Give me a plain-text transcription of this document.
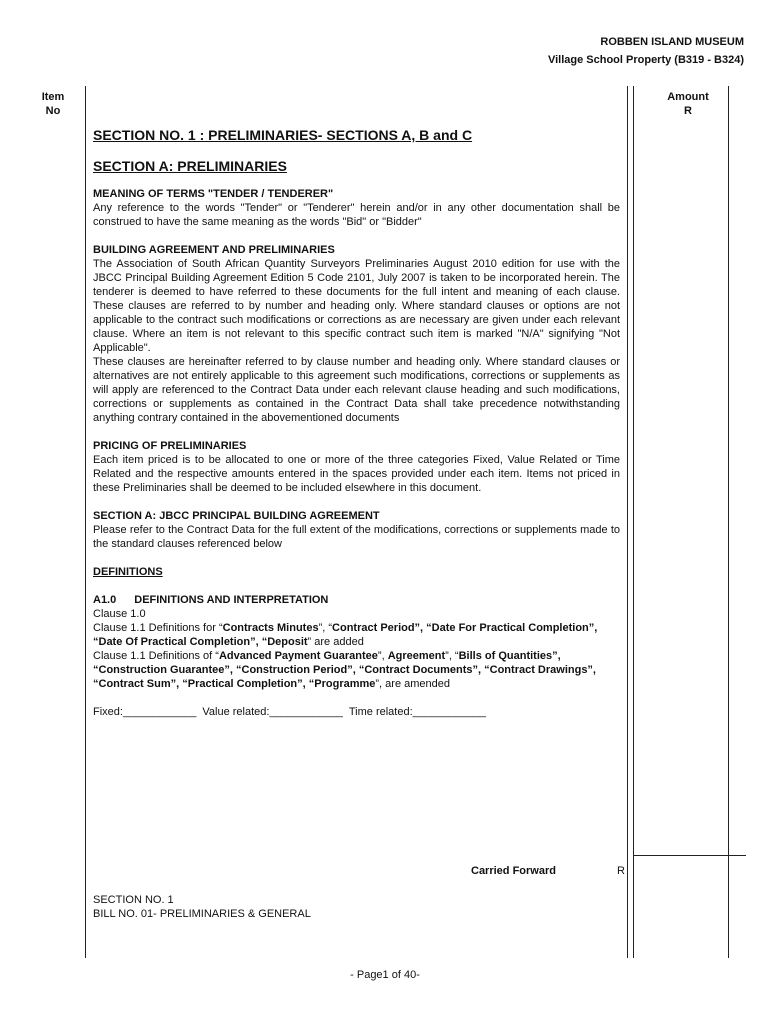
ROBBEN ISLAND MUSEUM
Village School Property (B319 - B324)
Item
No
Amount
R
SECTION NO. 1 : PRELIMINARIES- SECTIONS A, B and C
SECTION A: PRELIMINARIES
MEANING OF TERMS "TENDER / TENDERER"

Any reference to the words "Tender" or "Tenderer" herein and/or in any other documentation shall be construed to have the same meaning as the words "Bid" or "Bidder"

BUILDING AGREEMENT AND PRELIMINARIES

The Association of South African Quantity Surveyors Preliminaries August 2010 edition for use with the JBCC Principal Building Agreement Edition 5 Code 2101, July 2007 is taken to be incorporated herein. The tenderer is deemed to have referred to these documents for the full intent and meaning of each clause. These clauses are referred to by number and heading only. Where standard clauses or options are not applicable to the contract such modifications or corrections as are necessary are given under each relevant clause. Where an item is not relevant to this specific contract such item is marked "N/A" signifying "Not Applicable".

These clauses are hereinafter referred to by clause number and heading only. Where standard clauses or alternatives are not entirely applicable to this agreement such modifications, corrections or supplements as will apply are referenced to the Contract Data under each relevant clause heading and such modifications, corrections or supplements as contained in the Contract Data shall take precedence notwithstanding anything contrary contained in the abovementioned documents

PRICING OF PRELIMINARIES

Each item priced is to be allocated to one or more of the three categories Fixed, Value Related or Time Related and the respective amounts entered in the spaces provided under each item. Items not priced in these Preliminaries shall be deemed to be included elsewhere in this document.

SECTION A: JBCC PRINCIPAL BUILDING AGREEMENT

Please refer to the Contract Data for the full extent of the modifications, corrections or supplements made to the standard clauses referenced below

DEFINITIONS
A1.0 DEFINITIONS AND INTERPRETATION
Clause 1.0
Clause 1.1 Definitions for “Contracts Minutes”, “Contract Period”, “Date For Practical Completion”, “Date Of Practical Completion”, “Deposit” are added
Clause 1.1 Definitions of “Advanced Payment Guarantee”, Agreement”, “Bills of Quantities”, “Construction Guarantee”, “Construction Period”, “Contract Documents”, “Contract Drawings”, “Contract Sum”, “Practical Completion”, “Programme”, are amended
Fixed:____________ Value related:____________ Time related:____________
Carried Forward	R
SECTION NO. 1
BILL NO. 01- PRELIMINARIES & GENERAL
- Page1 of 40-
